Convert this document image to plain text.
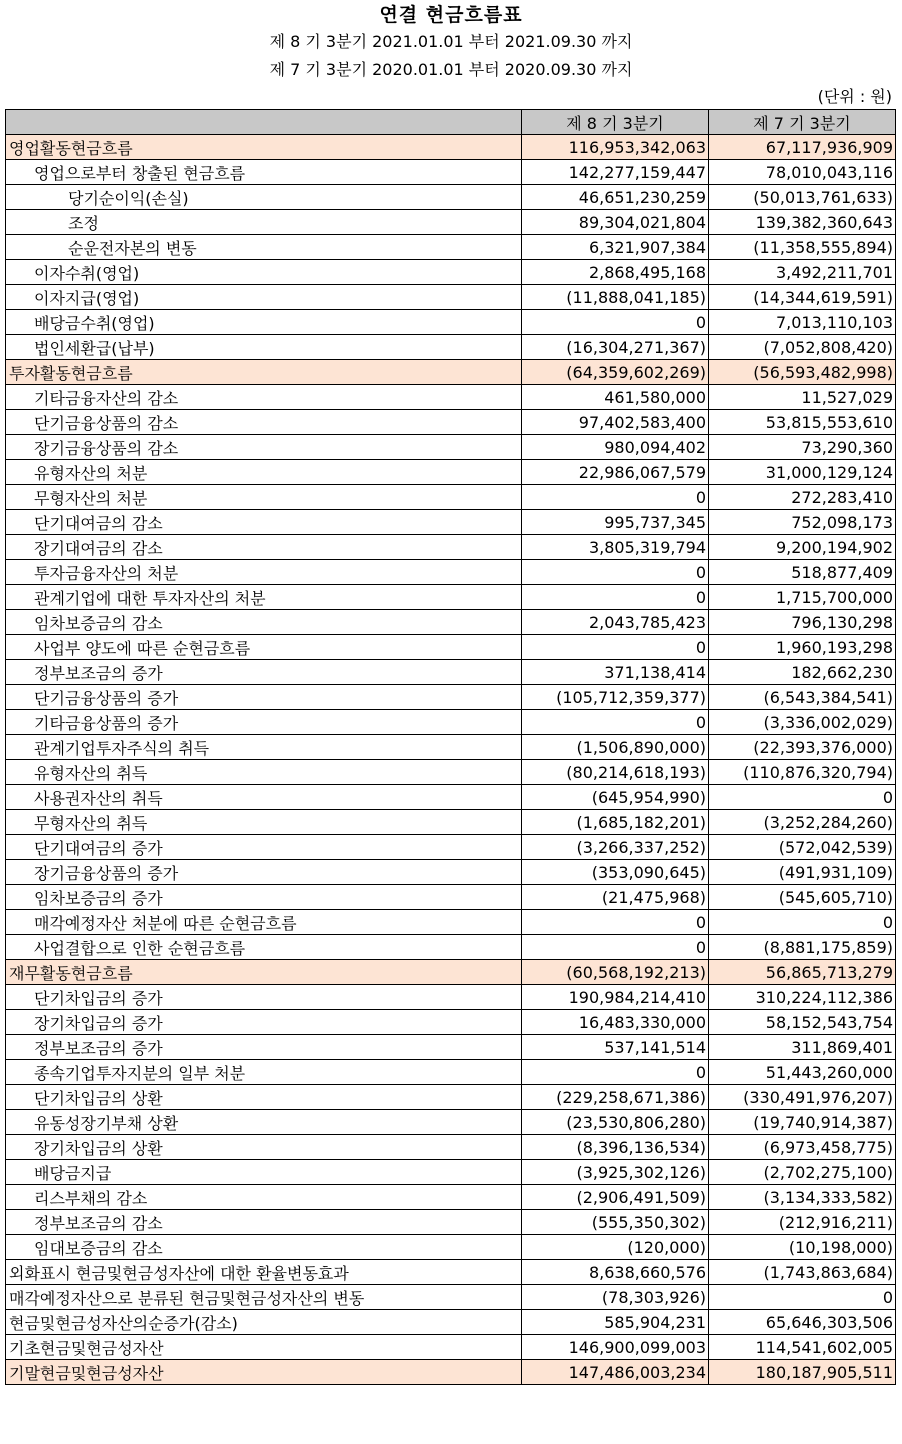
연결 현금흐름표
제 8 기 3분기 2021.01.01 부터 2021.09.30 까지
제 7 기 3분기 2020.01.01 부터 2020.09.30 까지
(단위 : 원)
	제 8 기 3분기	제 7 기 3분기
영업활동현금흐름	116,953,342,063	67,117,936,909
영업으로부터 창출된 현금흐름	142,277,159,447	78,010,043,116
당기순이익(손실)	46,651,230,259	(50,013,761,633)
조정	89,304,021,804	139,382,360,643
순운전자본의 변동	6,321,907,384	(11,358,555,894)
이자수취(영업)	2,868,495,168	3,492,211,701
이자지급(영업)	(11,888,041,185)	(14,344,619,591)
배당금수취(영업)	0	7,013,110,103
법인세환급(납부)	(16,304,271,367)	(7,052,808,420)
투자활동현금흐름	(64,359,602,269)	(56,593,482,998)
기타금융자산의 감소	461,580,000	11,527,029
단기금융상품의 감소	97,402,583,400	53,815,553,610
장기금융상품의 감소	980,094,402	73,290,360
유형자산의 처분	22,986,067,579	31,000,129,124
무형자산의 처분	0	272,283,410
단기대여금의 감소	995,737,345	752,098,173
장기대여금의 감소	3,805,319,794	9,200,194,902
투자금융자산의 처분	0	518,877,409
관계기업에 대한 투자자산의 처분	0	1,715,700,000
임차보증금의 감소	2,043,785,423	796,130,298
사업부 양도에 따른 순현금흐름	0	1,960,193,298
정부보조금의 증가	371,138,414	182,662,230
단기금융상품의 증가	(105,712,359,377)	(6,543,384,541)
기타금융상품의 증가	0	(3,336,002,029)
관계기업투자주식의 취득	(1,506,890,000)	(22,393,376,000)
유형자산의 취득	(80,214,618,193)	(110,876,320,794)
사용권자산의 취득	(645,954,990)	0
무형자산의 취득	(1,685,182,201)	(3,252,284,260)
단기대여금의 증가	(3,266,337,252)	(572,042,539)
장기금융상품의 증가	(353,090,645)	(491,931,109)
임차보증금의 증가	(21,475,968)	(545,605,710)
매각예정자산 처분에 따른 순현금흐름	0	0
사업결합으로 인한 순현금흐름	0	(8,881,175,859)
재무활동현금흐름	(60,568,192,213)	56,865,713,279
단기차입금의 증가	190,984,214,410	310,224,112,386
장기차입금의 증가	16,483,330,000	58,152,543,754
정부보조금의 증가	537,141,514	311,869,401
종속기업투자지분의 일부 처분	0	51,443,260,000
단기차입금의 상환	(229,258,671,386)	(330,491,976,207)
유동성장기부채 상환	(23,530,806,280)	(19,740,914,387)
장기차입금의 상환	(8,396,136,534)	(6,973,458,775)
배당금지급	(3,925,302,126)	(2,702,275,100)
리스부채의 감소	(2,906,491,509)	(3,134,333,582)
정부보조금의 감소	(555,350,302)	(212,916,211)
임대보증금의 감소	(120,000)	(10,198,000)
외화표시 현금및현금성자산에 대한 환율변동효과	8,638,660,576	(1,743,863,684)
매각예정자산으로 분류된 현금및현금성자산의 변동	(78,303,926)	0
현금및현금성자산의순증가(감소)	585,904,231	65,646,303,506
기초현금및현금성자산	146,900,099,003	114,541,602,005
기말현금및현금성자산	147,486,003,234	180,187,905,511
